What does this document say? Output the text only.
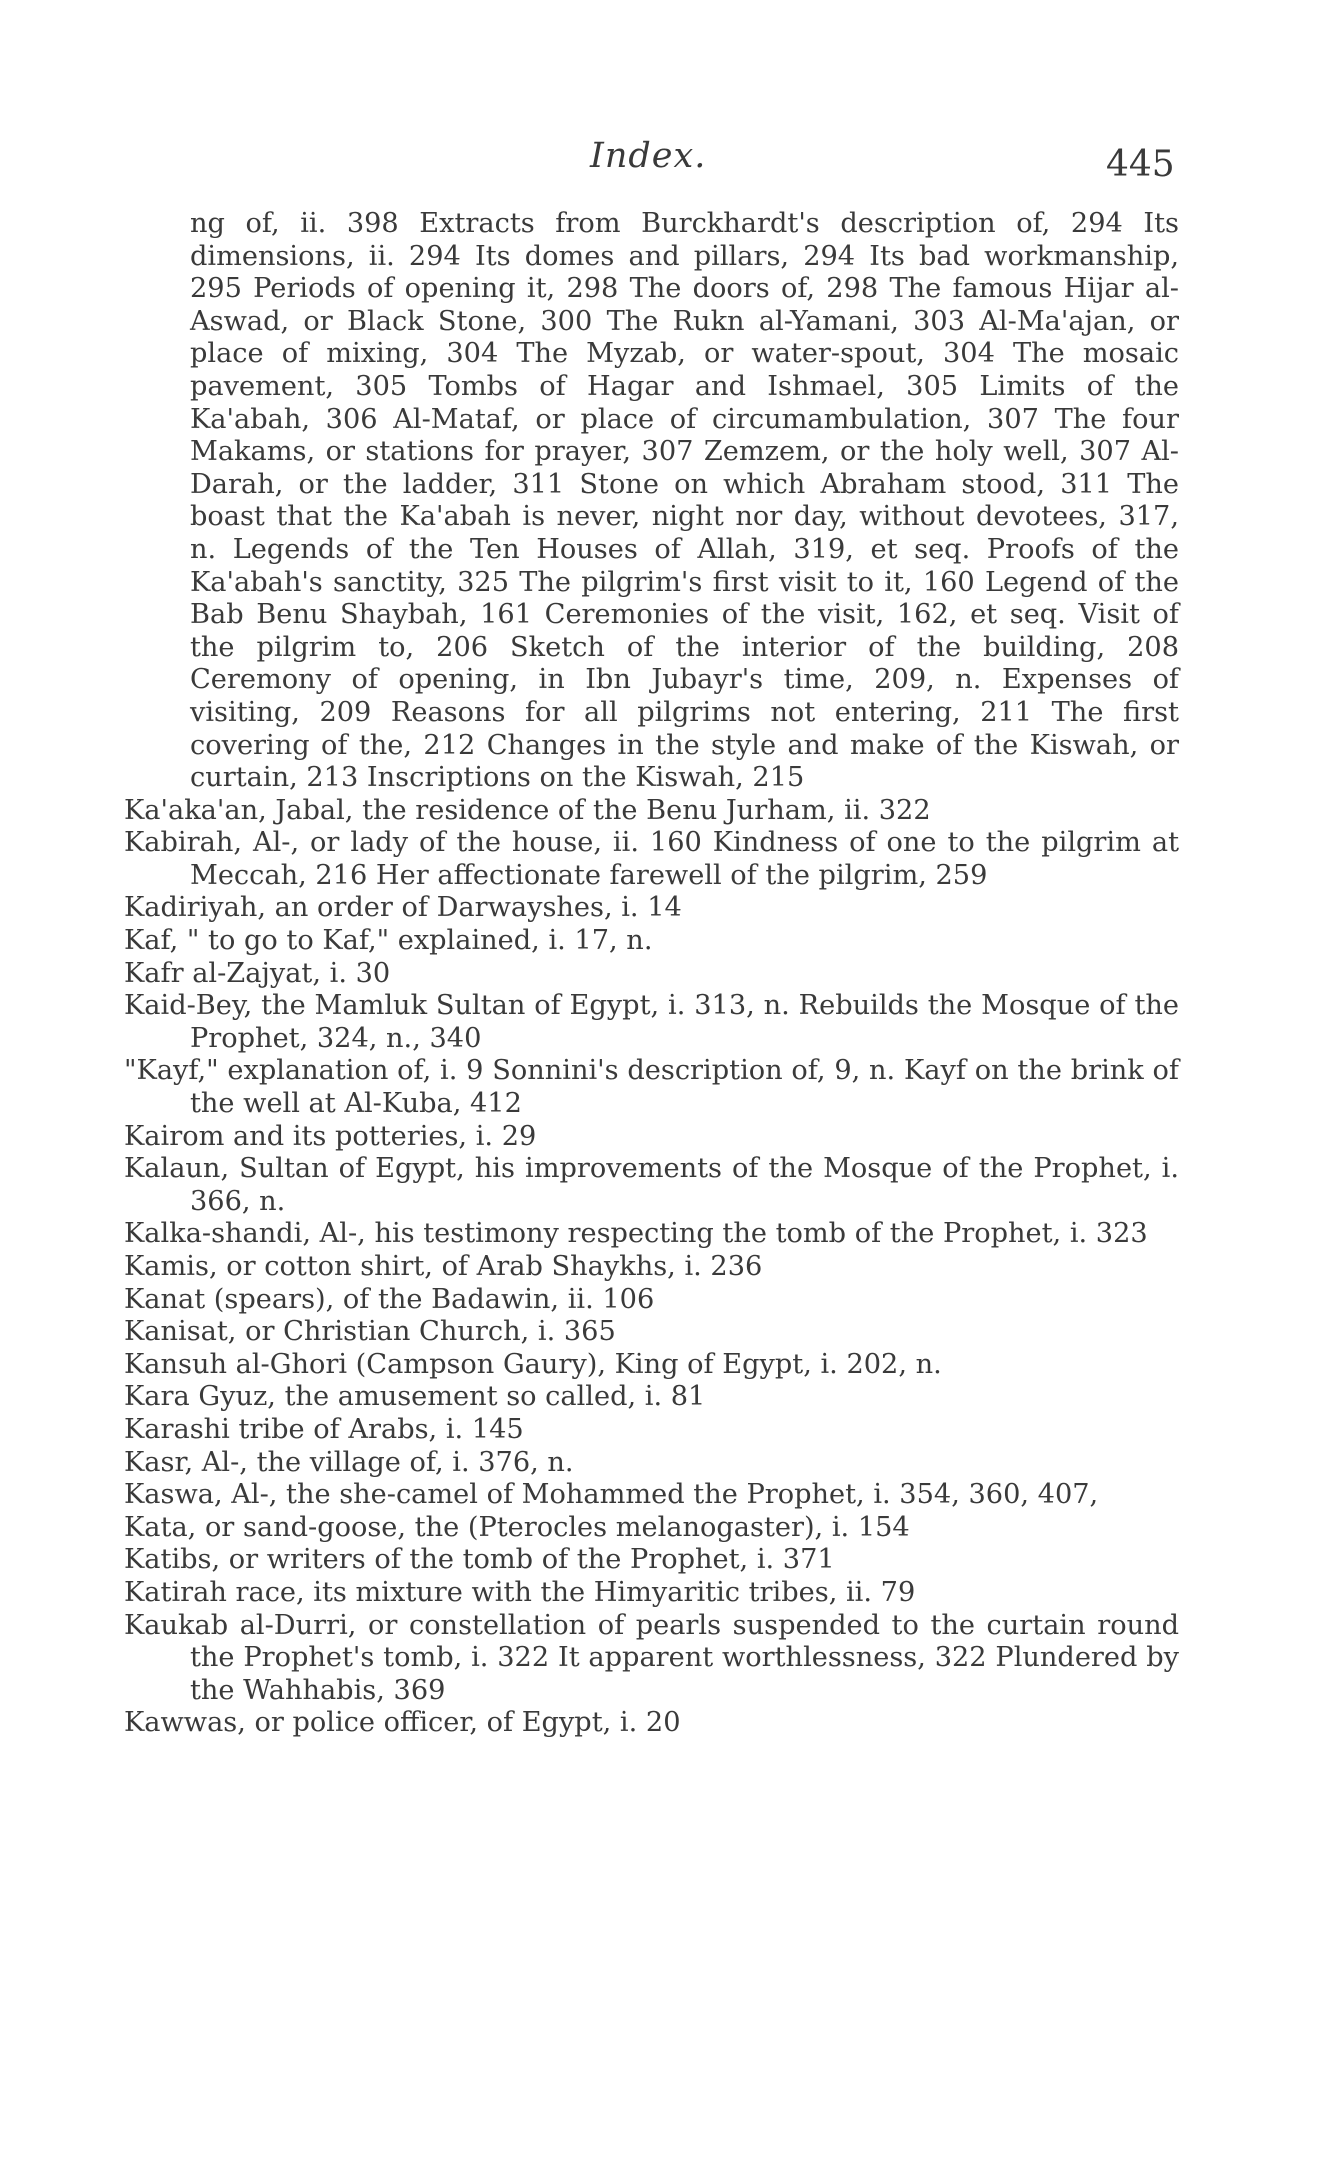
Index.	445

ng of, ii. 398 Extracts from Burckhardt's description of, 294 Its dimensions, ii. 294 Its domes and pillars, 294 Its bad workmanship, 295 Periods of opening it, 298 The doors of, 298 The famous Hijar al-Aswad, or Black Stone, 300 The Rukn al-Yamani, 303 Al-Ma'ajan, or place of mixing, 304 The Myzab, or water-spout, 304 The mosaic pavement, 305 Tombs of Hagar and Ishmael, 305 Limits of the Ka'abah, 306 Al-Mataf, or place of circumambulation, 307 The four Makams, or stations for prayer, 307 Zemzem, or the holy well, 307 Al-Darah, or the ladder, 311 Stone on which Abraham stood, 311 The boast that the Ka'abah is never, night nor day, without devotees, 317, n. Legends of the Ten Houses of Allah, 319, et seq. Proofs of the Ka'abah's sanctity, 325 The pilgrim's first visit to it, 160 Legend of the Bab Benu Shaybah, 161 Ceremonies of the visit, 162, et seq. Visit of the pilgrim to, 206 Sketch of the interior of the building, 208 Ceremony of opening, in Ibn Jubayr's time, 209, n. Expenses of visiting, 209 Reasons for all pilgrims not entering, 211 The first covering of the, 212 Changes in the style and make of the Kiswah, or curtain, 213 Inscriptions on the Kiswah, 215

Ka'aka'an, Jabal, the residence of the Benu Jurham, ii. 322

Kabirah, Al-, or lady of the house, ii. 160 Kindness of one to the pilgrim at Meccah, 216 Her affectionate farewell of the pilgrim, 259

Kadiriyah, an order of Darwayshes, i. 14

Kaf, " to go to Kaf," explained, i. 17, n.

Kafr al-Zajyat, i. 30

Kaid-Bey, the Mamluk Sultan of Egypt, i. 313, n. Rebuilds the Mosque of the Prophet, 324, n., 340

"Kayf," explanation of, i. 9 Sonnini's description of, 9, n. Kayf on the brink of the well at Al-Kuba, 412

Kairom and its potteries, i. 29

Kalaun, Sultan of Egypt, his improvements of the Mosque of the Prophet, i. 366, n.

Kalka-shandi, Al-, his testimony respecting the tomb of the Prophet, i. 323

Kamis, or cotton shirt, of Arab Shaykhs, i. 236

Kanat (spears), of the Badawin, ii. 106

Kanisat, or Christian Church, i. 365

Kansuh al-Ghori (Campson Gaury), King of Egypt, i. 202, n.

Kara Gyuz, the amusement so called, i. 81

Karashi tribe of Arabs, i. 145

Kasr, Al-, the village of, i. 376, n.

Kaswa, Al-, the she-camel of Mohammed the Prophet, i. 354, 360, 407,

Kata, or sand-goose, the (Pterocles melanogaster), i. 154

Katibs, or writers of the tomb of the Prophet, i. 371

Katirah race, its mixture with the Himyaritic tribes, ii. 79

Kaukab al-Durri, or constellation of pearls suspended to the curtain round the Prophet's tomb, i. 322 It apparent worthlessness, 322 Plundered by the Wahhabis, 369

Kawwas, or police officer, of Egypt, i. 20
